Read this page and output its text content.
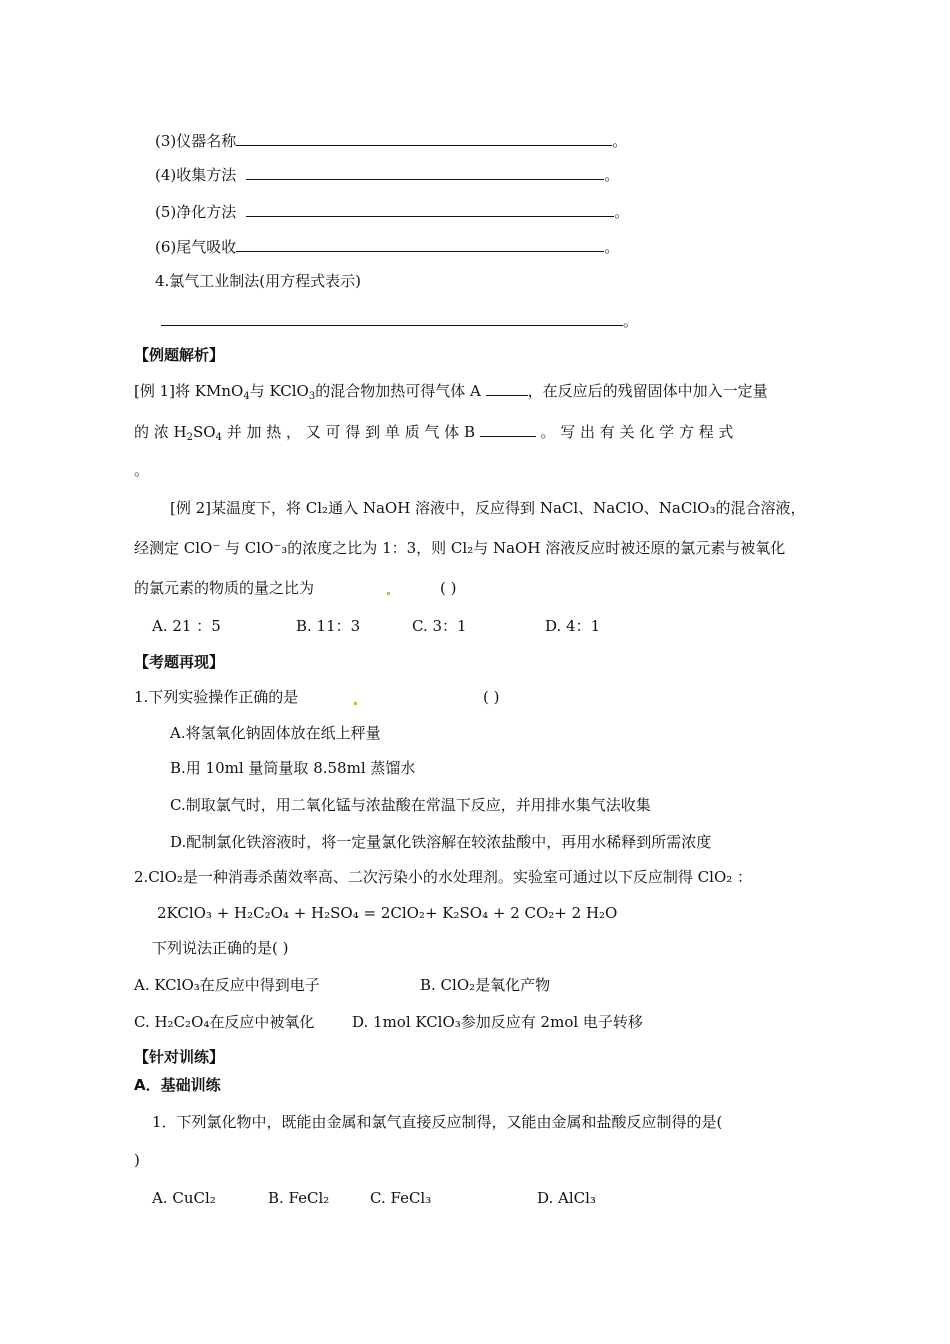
(3)仪器名称	。
(4)收集方法	。
(5)净化方法	。
(6)尾气吸收	。
4.氯气工业制法(用方程式表示)
。
【例题解析】
[例 1]将 KMnO$_4$与 KClO$_3$的混合物加热可得气体 A	，在反应后的残留固体中加入一定量
的 浓 $H_2SO_4$ 并 加 热 ， 又 可 得 到 单 质 气 体 B	。 写 出 有 关 化 学 方 程 式
。
[例 2]某温度下，将 Cl₂通入 NaOH 溶液中，反应得到 NaCl、NaClO、NaClO₃的混合溶液，
经测定 ClO⁻ 与 ClO⁻₃的浓度之比为 1：3，则 Cl₂与 NaOH 溶液反应时被还原的氯元素与被氧化
的氯元素的物质的量之比为	( )
A. 21 ：5	B. 11：3	C. 3：1	D. 4：1
【考题再现】
1.下列实验操作正确的是	( )
A.将氢氧化钠固体放在纸上秤量
B.用 10ml 量筒量取 8.58ml 蒸馏水
C.制取氯气时，用二氧化锰与浓盐酸在常温下反应，并用排水集气法收集
D.配制氯化铁溶液时，将一定量氯化铁溶解在较浓盐酸中，再用水稀释到所需浓度
2.ClO₂是一种消毒杀菌效率高、二次污染小的水处理剂。实验室可通过以下反应制得 ClO₂ ：
2KClO₃ + H₂C₂O₄ + H₂SO₄ = 2ClO₂+ K₂SO₄ + 2 CO₂+ 2 H₂O
下列说法正确的是( )
A. KClO₃在反应中得到电子	B. ClO₂是氧化产物
C. H₂C₂O₄在反应中被氧化	D. 1mol KClO₃参加反应有 2mol 电子转移
【针对训练】
A．基础训练
1．下列氯化物中，既能由金属和氯气直接反应制得，又能由金属和盐酸反应制得的是(
)
A. CuCl₂	B. FeCl₂	C. FeCl₃	D. AlCl₃
